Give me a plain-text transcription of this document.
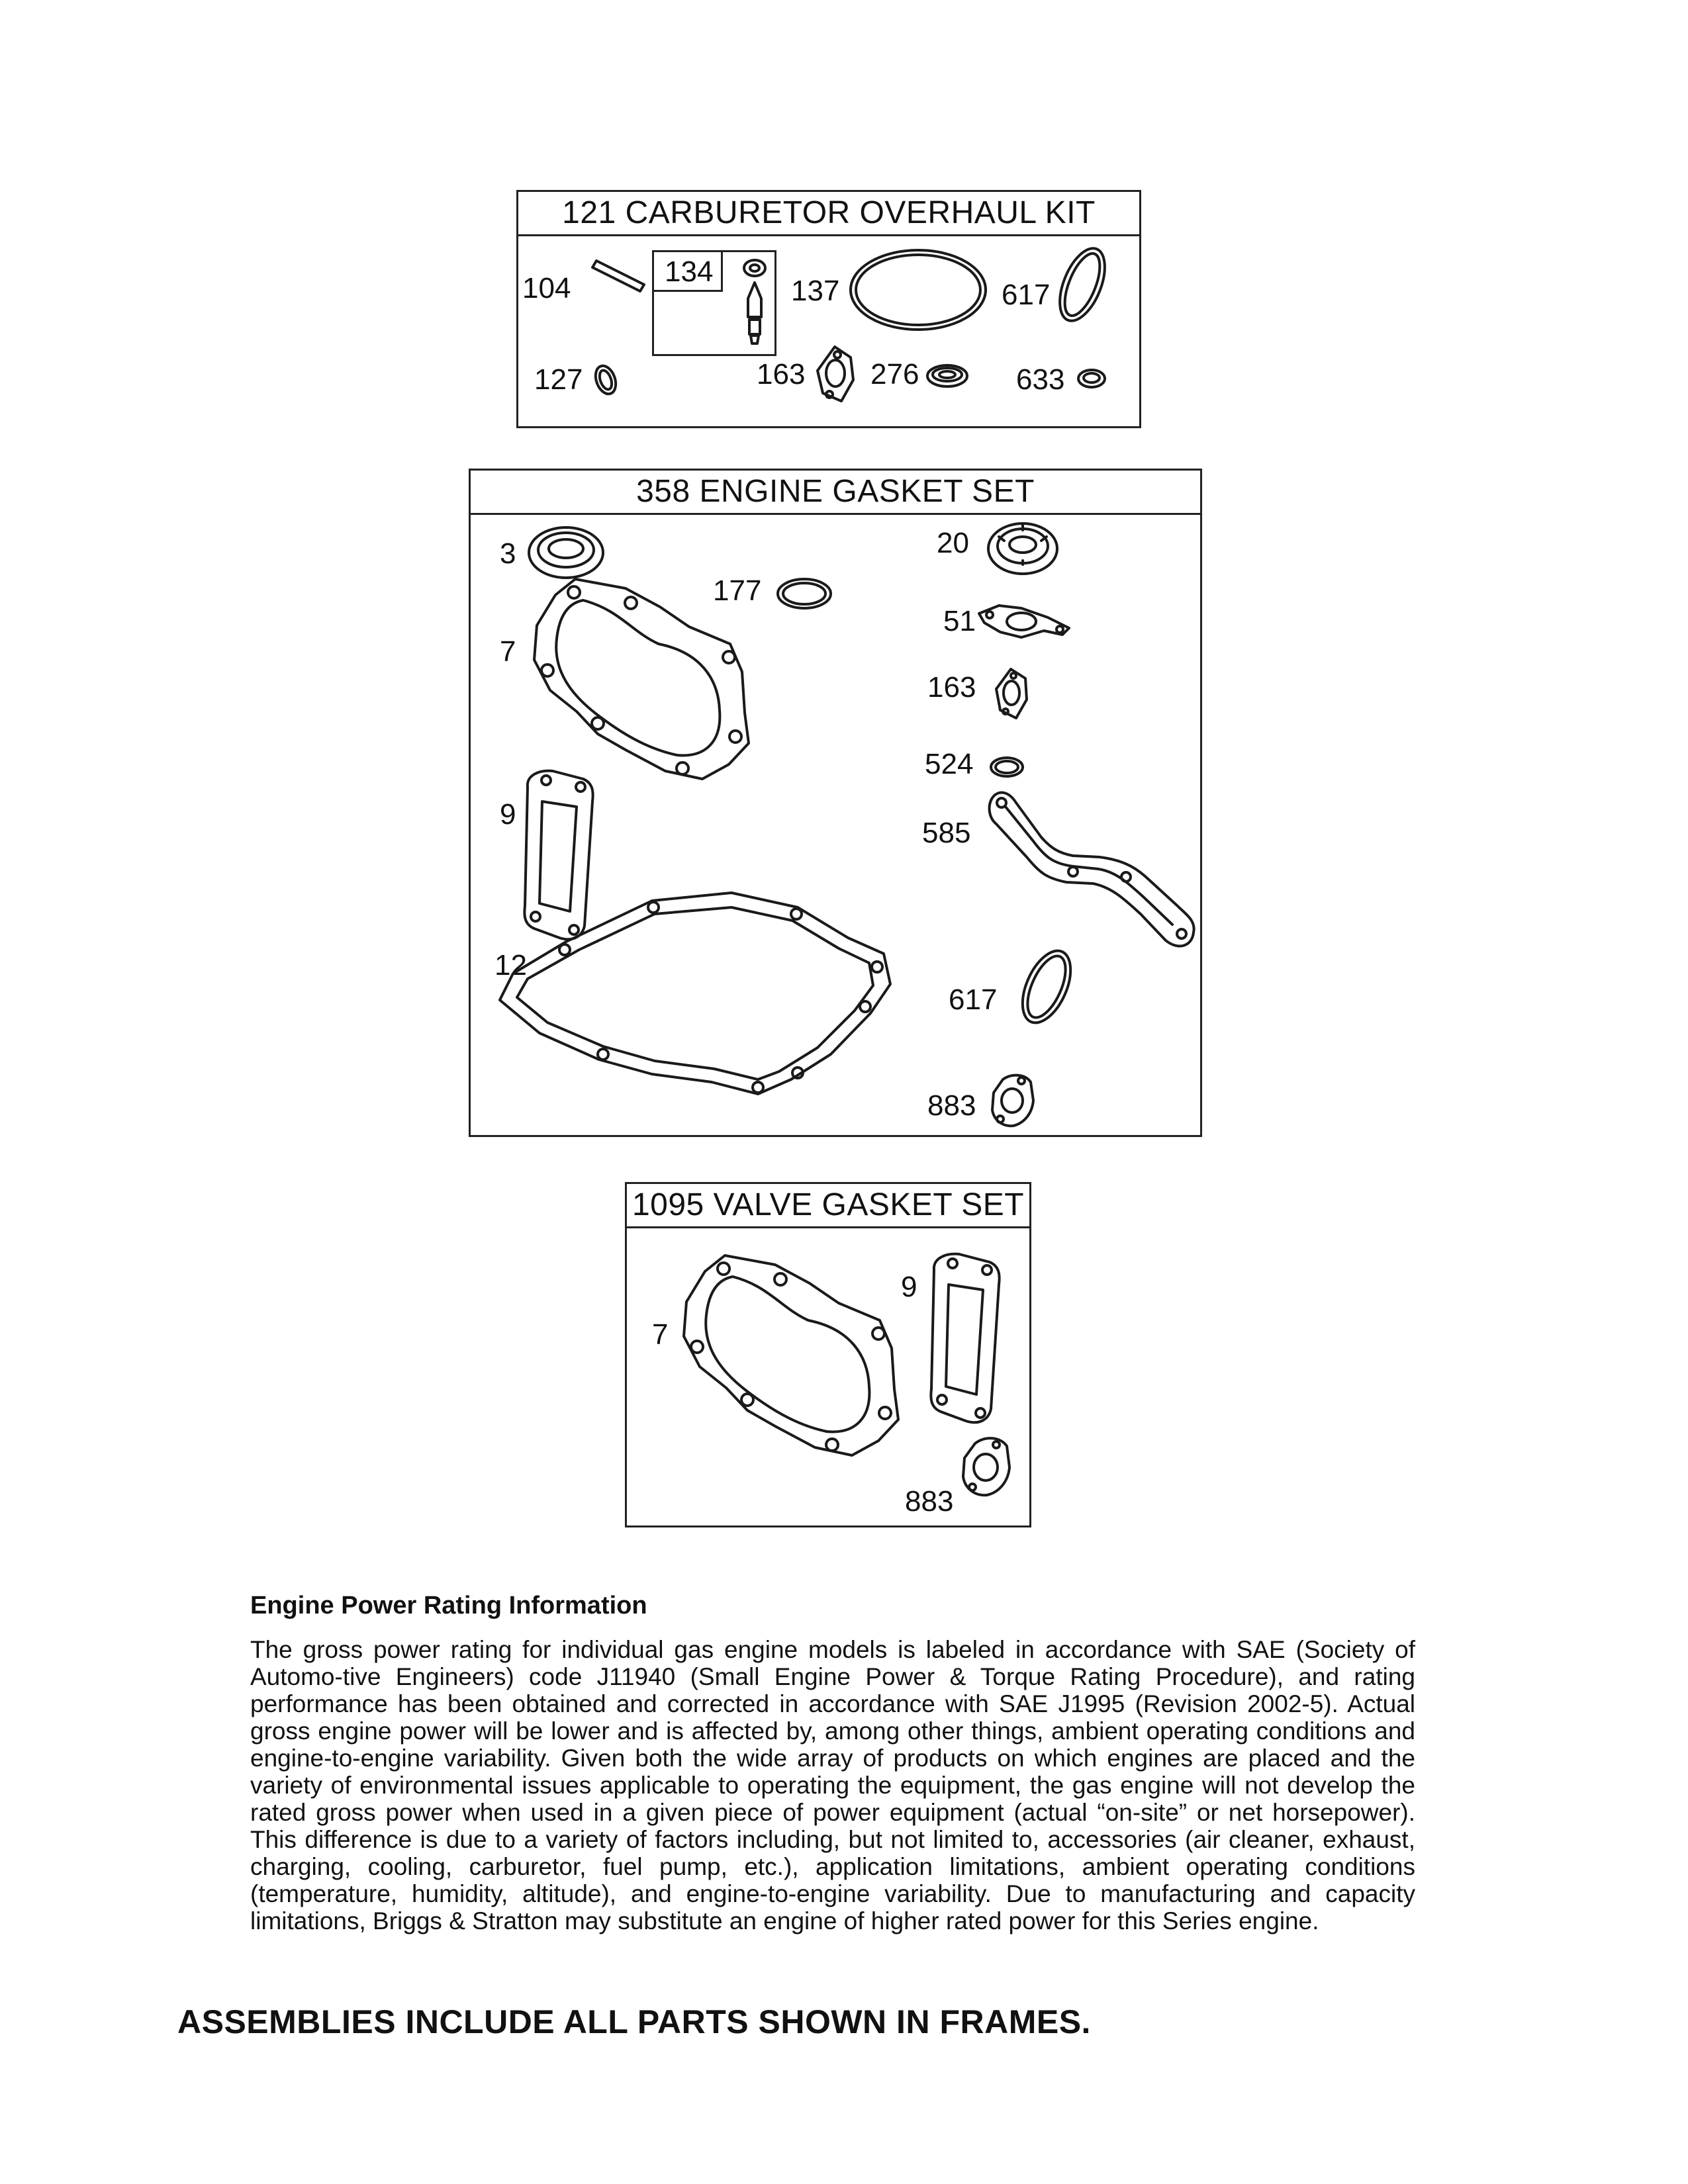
121 CARBURETOR OVERHAUL KIT
104
134
137	617
127	163 276	633
358 ENGINE GASKET SET
3	20
177
51
7
163
524
9
585
12
617
883
1095 VALVE GASKET SET
9
7
883
Engine Power Rating Information
The gross power rating for individual gas engine models is labeled in accordance with SAE (Society of Automo-tive Engineers) code J11940 (Small Engine Power & Torque Rating Procedure), and rating performance has been obtained and corrected in accordance with SAE J1995 (Revision 2002-5). Actual gross engine power will be lower and is affected by, among other things, ambient operating conditions and engine-to-engine variability. Given both the wide array of products on which engines are placed and the variety of environmental issues applicable to operating the equipment, the gas engine will not develop the rated gross power when used in a given piece of power equipment (actual “on-site” or net horsepower). This difference is due to a variety of factors including, but not limited to, accessories (air cleaner, exhaust, charging, cooling, carburetor, fuel pump, etc.), application limitations, ambient operating conditions (temperature, humidity, altitude), and engine-to-engine variability. Due to manufacturing and capacity limitations, Briggs & Stratton may substitute an engine of higher rated power for this Series engine.
ASSEMBLIES INCLUDE ALL PARTS SHOWN IN FRAMES.
